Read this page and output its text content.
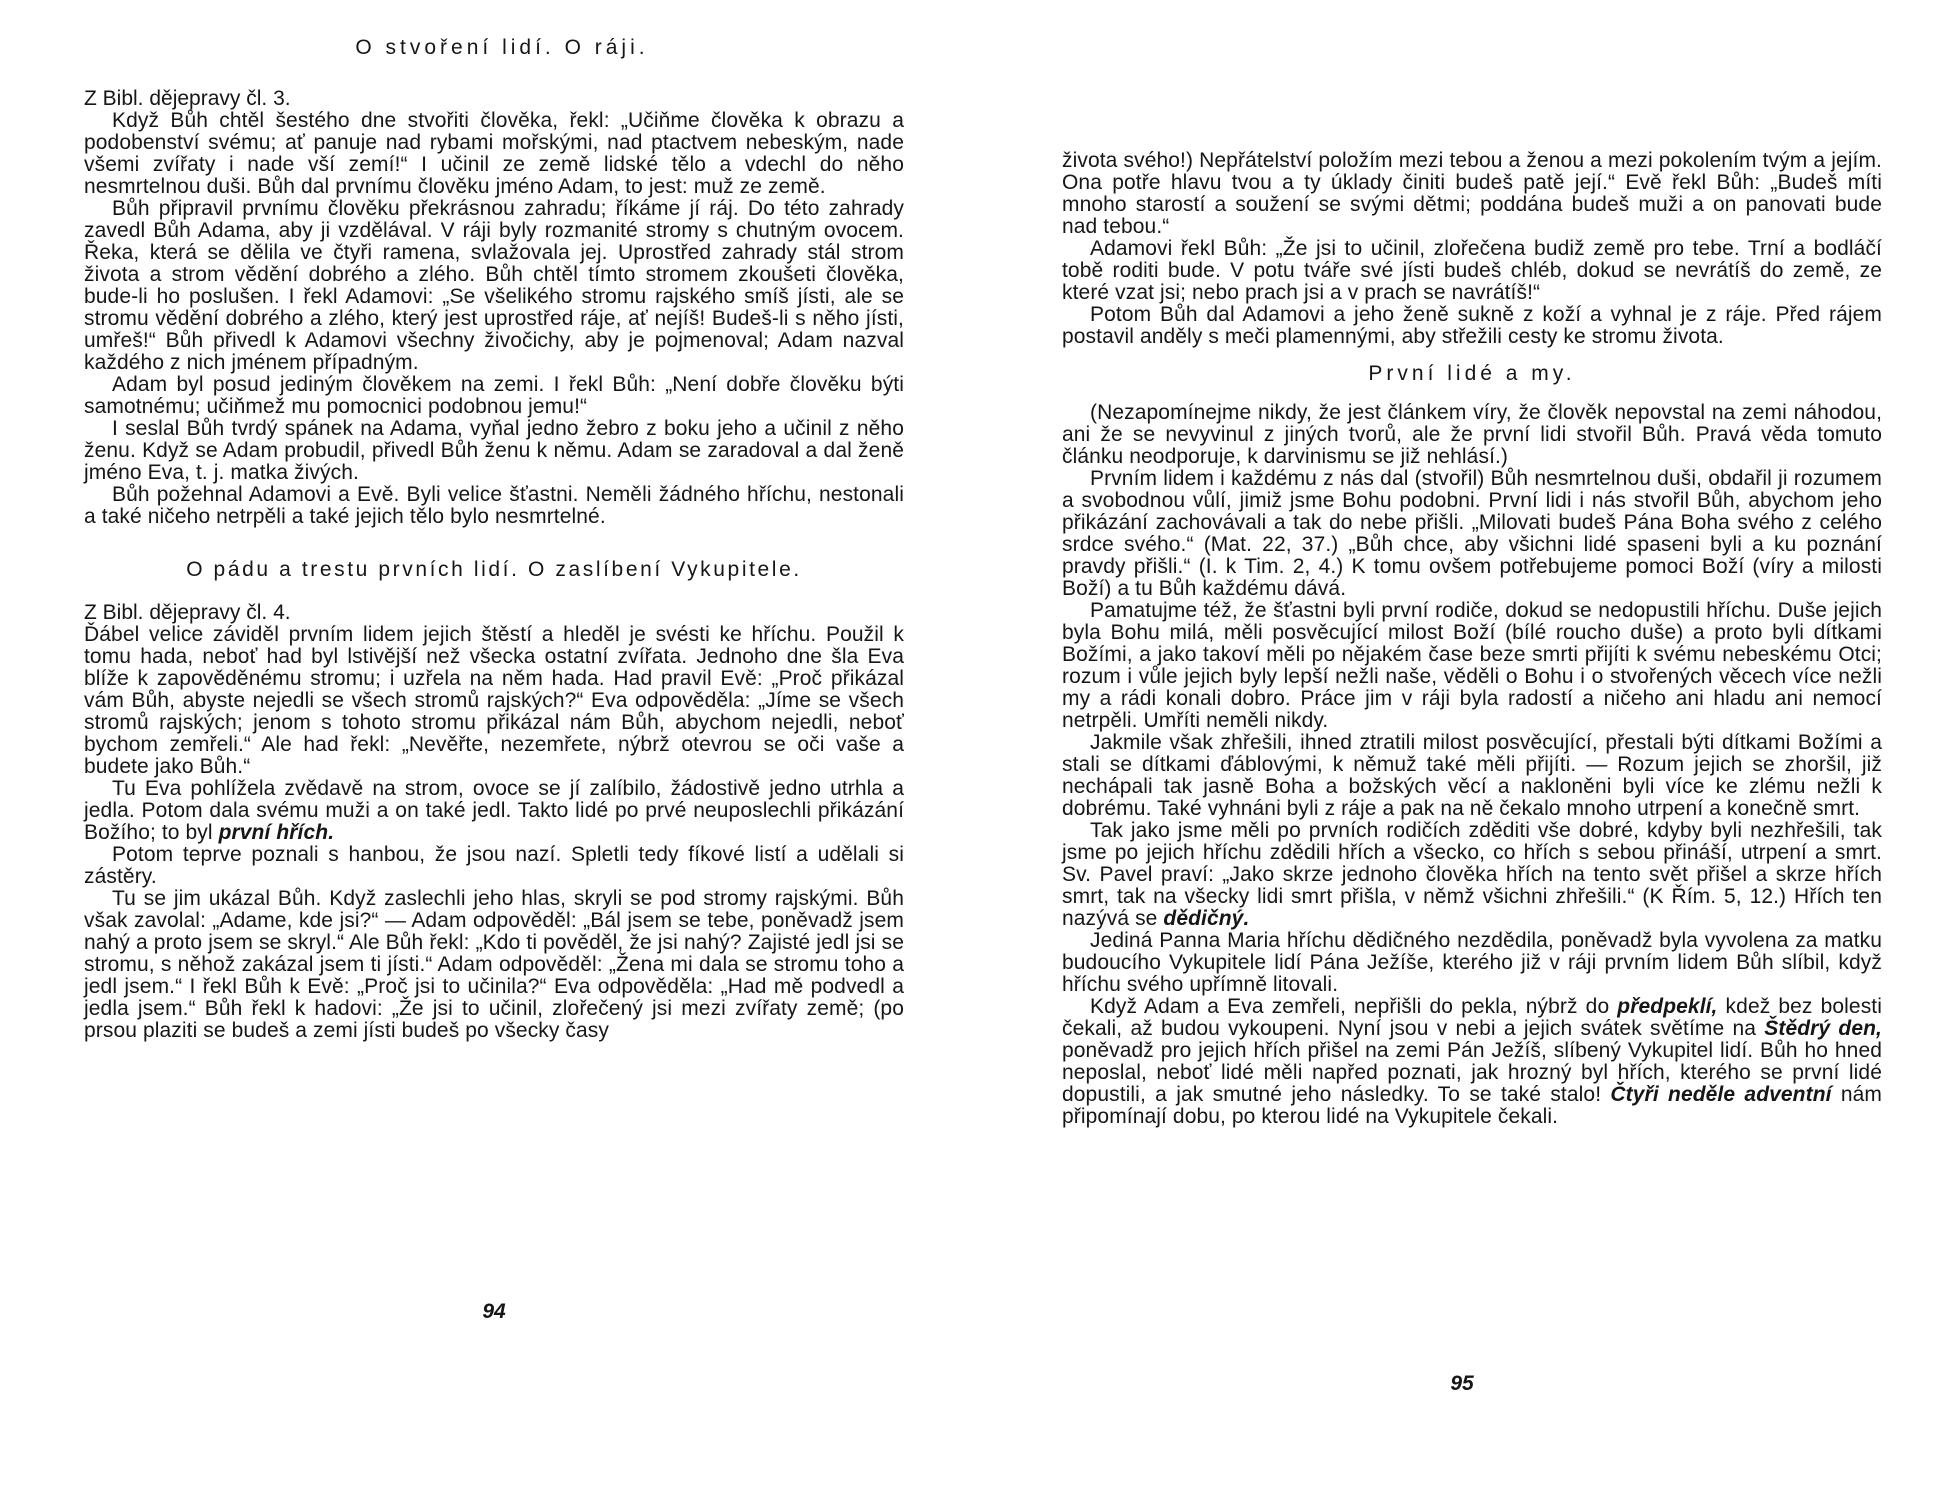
O stvoření lidí. O ráji.

Z Bibl. dějepravy čl. 3.

Když Bůh chtěl šestého dne stvořiti člověka, řekl: „Učiňme člověka k obrazu a podobenství svému; ať panuje nad rybami mořskými, nad ptactvem nebeským, nade všemi zvířaty i nade vší zemí!“ I učinil ze země lidské tělo a vdechl do něho nesmrtelnou duši. Bůh dal prvnímu člověku jméno Adam, to jest: muž ze země.

Bůh připravil prvnímu člověku překrásnou zahradu; říkáme jí ráj. Do této zahrady zavedl Bůh Adama, aby ji vzdělával. V ráji byly rozmanité stromy s chutným ovocem. Řeka, která se dělila ve čtyři ramena, svlažovala jej. Uprostřed zahrady stál strom života a strom vědění dobrého a zlého. Bůh chtěl tímto stromem zkoušeti člověka, bude-li ho poslušen. I řekl Adamovi: „Se všelikého stromu rajského smíš jísti, ale se stromu vědění dobrého a zlého, který jest uprostřed ráje, ať nejíš! Budeš-li s něho jísti, umřeš!“ Bůh přivedl k Adamovi všechny živočichy, aby je pojmenoval; Adam nazval každého z nich jménem případným.

Adam byl posud jediným člověkem na zemi. I řekl Bůh: „Není dobře člověku býti samotnému; učiňmež mu pomocnici podobnou jemu!“

I seslal Bůh tvrdý spánek na Adama, vyňal jedno žebro z boku jeho a učinil z něho ženu. Když se Adam probudil, přivedl Bůh ženu k němu. Adam se zaradoval a dal ženě jméno Eva, t. j. matka živých.

Bůh požehnal Adamovi a Evě. Byli velice šťastni. Neměli žádného hříchu, nestonali a také ničeho netrpěli a také jejich tělo bylo nesmrtelné.

O pádu a trestu prvních lidí. O zaslíbení Vykupitele.

Z Bibl. dějepravy čl. 4.

Ďábel velice záviděl prvním lidem jejich štěstí a hleděl je svésti ke hříchu. Použil k tomu hada, neboť had byl lstivější než všecka ostatní zvířata. Jednoho dne šla Eva blíže k zapověděnému stromu; i uzřela na něm hada. Had pravil Evě: „Proč přikázal vám Bůh, abyste nejedli se všech stromů rajských?“ Eva odpověděla: „Jíme se všech stromů rajských; jenom s tohoto stromu přikázal nám Bůh, abychom nejedli, neboť bychom zemřeli.“ Ale had řekl: „Nevěřte, nezemřete, nýbrž otevrou se oči vaše a budete jako Bůh.“

Tu Eva pohlížela zvědavě na strom, ovoce se jí zalíbilo, žádostivě jedno utrhla a jedla. Potom dala svému muži a on také jedl. Takto lidé po prvé neuposlechli přikázání Božího; to byl první hřích.

Potom teprve poznali s hanbou, že jsou nazí. Spletli tedy fíkové listí a udělali si zástěry.

Tu se jim ukázal Bůh. Když zaslechli jeho hlas, skryli se pod stromy rajskými. Bůh však zavolal: „Adame, kde jsi?“ — Adam odpověděl: „Bál jsem se tebe, poněvadž jsem nahý a proto jsem se skryl.“ Ale Bůh řekl: „Kdo ti pověděl, že jsi nahý? Zajisté jedl jsi se stromu, s něhož zakázal jsem ti jísti.“ Adam odpověděl: „Žena mi dala se stromu toho a jedl jsem.“ I řekl Bůh k Evě: „Proč jsi to učinila?“ Eva odpověděla: „Had mě podvedl a jedla jsem.“ Bůh řekl k hadovi: „Že jsi to učinil, zlořečený jsi mezi zvířaty země; (po prsou plaziti se budeš a zemi jísti budeš po všecky časy

94

života svého!) Nepřátelství položím mezi tebou a ženou a mezi pokolením tvým a jejím. Ona potře hlavu tvou a ty úklady činiti budeš patě její.“ Evě řekl Bůh: „Budeš míti mnoho starostí a soužení se svými dětmi; poddána budeš muži a on panovati bude nad tebou.“

Adamovi řekl Bůh: „Že jsi to učinil, zlořečena budiž země pro tebe. Trní a bodláčí tobě roditi bude. V potu tváře své jísti budeš chléb, dokud se nevrátíš do země, ze které vzat jsi; nebo prach jsi a v prach se navrátíš!“

Potom Bůh dal Adamovi a jeho ženě sukně z koží a vyhnal je z ráje. Před rájem postavil anděly s meči plamennými, aby střežili cesty ke stromu života.

První lidé a my.

(Nezapomínejme nikdy, že jest článkem víry, že člověk nepovstal na zemi náhodou, ani že se nevyvinul z jiných tvorů, ale že první lidi stvořil Bůh. Pravá věda tomuto článku neodporuje, k darvinismu se již nehlásí.)

Prvním lidem i každému z nás dal (stvořil) Bůh nesmrtelnou duši, obdařil ji rozumem a svobodnou vůlí, jimiž jsme Bohu podobni. První lidi i nás stvořil Bůh, abychom jeho přikázání zachovávali a tak do nebe přišli. „Milovati budeš Pána Boha svého z celého srdce svého.“ (Mat. 22, 37.) „Bůh chce, aby všichni lidé spaseni byli a ku poznání pravdy přišli.“ (I. k Tim. 2, 4.) K tomu ovšem potřebujeme pomoci Boží (víry a milosti Boží) a tu Bůh každému dává.

Pamatujme též, že šťastni byli první rodiče, dokud se nedopustili hříchu. Duše jejich byla Bohu milá, měli posvěcující milost Boží (bílé roucho duše) a proto byli dítkami Božími, a jako takoví měli po nějakém čase beze smrti přijíti k svému nebeskému Otci; rozum i vůle jejich byly lepší nežli naše, věděli o Bohu i o stvořených věcech více nežli my a rádi konali dobro. Práce jim v ráji byla radostí a ničeho ani hladu ani nemocí netrpěli. Umříti neměli nikdy.

Jakmile však zhřešili, ihned ztratili milost posvěcující, přestali býti dítkami Božími a stali se dítkami ďáblovými, k němuž také měli přijíti. — Rozum jejich se zhoršil, již nechápali tak jasně Boha a božských věcí a nakloněni byli více ke zlému nežli k dobrému. Také vyhnáni byli z ráje a pak na ně čekalo mnoho utrpení a konečně smrt.

Tak jako jsme měli po prvních rodičích zděditi vše dobré, kdyby byli nezhřešili, tak jsme po jejich hříchu zdědili hřích a všecko, co hřích s sebou přináší, utrpení a smrt. Sv. Pavel praví: „Jako skrze jednoho člověka hřích na tento svět přišel a skrze hřích smrt, tak na všecky lidi smrt přišla, v němž všichni zhřešili.“ (K Řím. 5, 12.) Hřích ten nazývá se dědičný.

Jediná Panna Maria hříchu dědičného nezdědila, poněvadž byla vyvolena za matku budoucího Vykupitele lidí Pána Ježíše, kterého již v ráji prvním lidem Bůh slíbil, když hříchu svého upřímně litovali.

Když Adam a Eva zemřeli, nepřišli do pekla, nýbrž do předpeklí, kdež bez bolesti čekali, až budou vykoupeni. Nyní jsou v nebi a jejich svátek světíme na Štědrý den, poněvadž pro jejich hřích přišel na zemi Pán Ježíš, slíbený Vykupitel lidí. Bůh ho hned neposlal, neboť lidé měli napřed poznati, jak hrozný byl hřích, kterého se první lidé dopustili, a jak smutné jeho následky. To se také stalo! Čtyři neděle adventní nám připomínají dobu, po kterou lidé na Vykupitele čekali.

95
